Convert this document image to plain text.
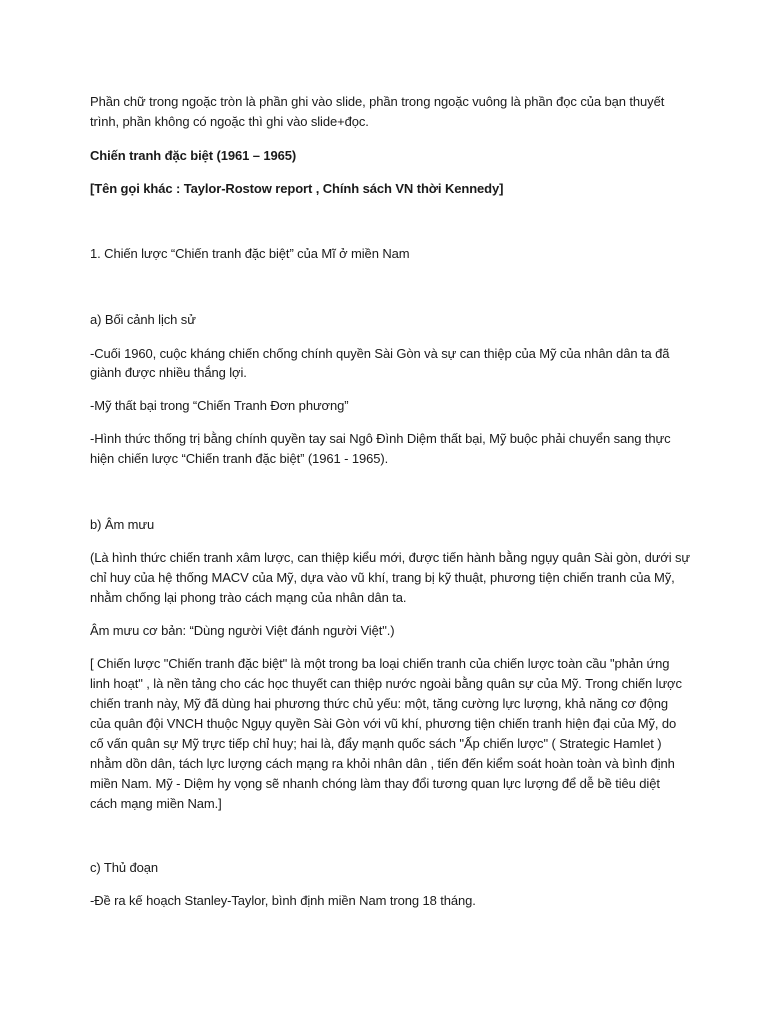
Phần chữ trong ngoặc tròn là phần ghi vào slide, phần trong ngoặc vuông là phần đọc của bạn thuyết
trình, phần không có ngoặc thì ghi vào slide+đọc.
Chiến tranh đặc biệt (1961 – 1965)
[Tên gọi khác : Taylor-Rostow report , Chính sách VN thời Kennedy]
1. Chiến lược “Chiến tranh đặc biệt” của Mĩ ở miền Nam
a) Bối cảnh lịch sử
-Cuối 1960, cuộc kháng chiến chống chính quyền Sài Gòn và sự can thiệp của Mỹ của nhân dân ta đã
giành được nhiều thắng lợi.
-Mỹ thất bại trong “Chiến Tranh Đơn phương”
-Hình thức thống trị bằng chính quyền tay sai Ngô Đình Diệm thất bại, Mỹ buộc phải chuyển sang thực
hiện chiến lược “Chiến tranh đặc biệt” (1961 - 1965).
b) Âm mưu
(Là hình thức chiến tranh xâm lược, can thiệp kiểu mới, được tiến hành bằng ngụy quân Sài gòn, dưới sự
chỉ huy của hệ thống MACV của Mỹ, dựa vào vũ khí, trang bị kỹ thuật, phương tiện chiến tranh của Mỹ,
nhằm chống lại phong trào cách mạng của nhân dân ta.
Âm mưu cơ bản: “Dùng người Việt đánh người Việt".)
[ Chiến lược "Chiến tranh đặc biệt" là một trong ba loại chiến tranh của chiến lược toàn cầu "phản ứng
linh hoạt" , là nền tảng cho các học thuyết can thiệp nước ngoài bằng quân sự của Mỹ. Trong chiến lược
chiến tranh này, Mỹ đã dùng hai phương thức chủ yếu: một, tăng cường lực lượng, khả năng cơ động
của quân đội VNCH thuộc Ngụy quyền Sài Gòn với vũ khí, phương tiện chiến tranh hiện đại của Mỹ, do
cố vấn quân sự Mỹ trực tiếp chỉ huy; hai là, đẩy mạnh quốc sách "Ấp chiến lược" ( Strategic Hamlet )
nhằm dồn dân, tách lực lượng cách mạng ra khỏi nhân dân , tiến đến kiểm soát hoàn toàn và bình định
miền Nam. Mỹ - Diệm hy vọng sẽ nhanh chóng làm thay đổi tương quan lực lượng để dễ bề tiêu diệt
cách mạng miền Nam.]
c) Thủ đoạn
-Đề ra kế hoạch Stanley-Taylor, bình định miền Nam trong 18 tháng.
